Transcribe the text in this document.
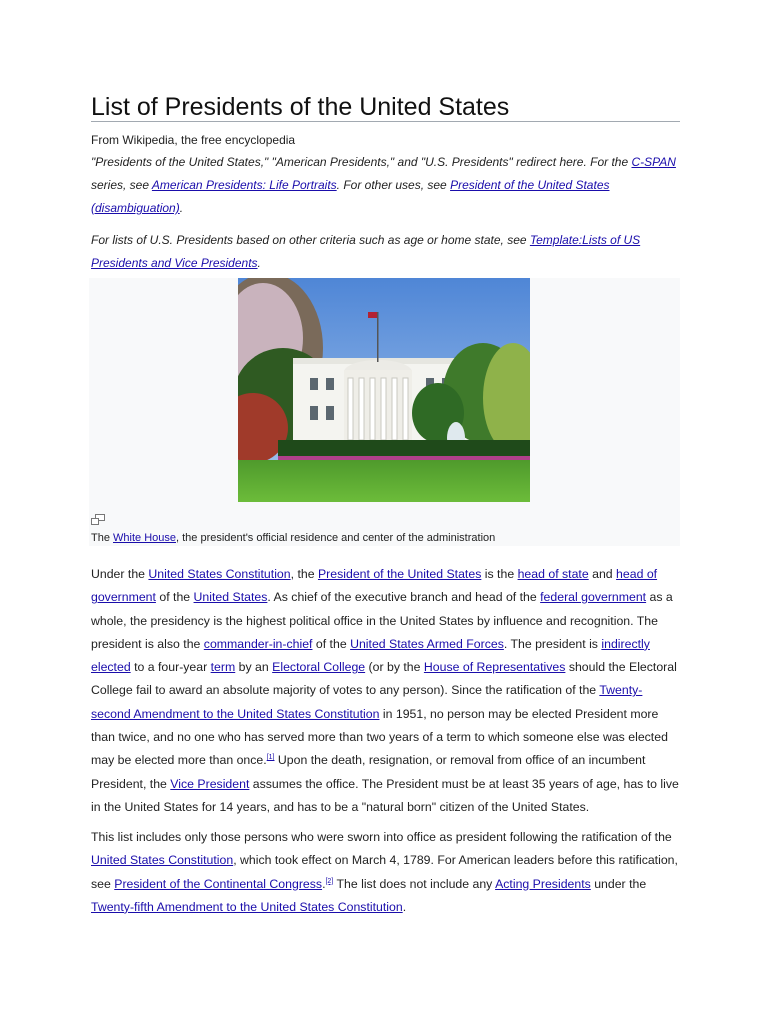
List of Presidents of the United States
From Wikipedia, the free encyclopedia
"Presidents of the United States," "American Presidents," and "U.S. Presidents" redirect here. For the C-SPAN series, see American Presidents: Life Portraits. For other uses, see President of the United States (disambiguation).
For lists of U.S. Presidents based on other criteria such as age or home state, see Template:Lists of US Presidents and Vice Presidents.
The White House, the president's official residence and center of the administration

Under the United States Constitution, the President of the United States is the head of state and head of government of the United States. As chief of the executive branch and head of the federal government as a whole, the presidency is the highest political office in the United States by influence and recognition. The president is also the commander-in-chief of the United States Armed Forces. The president is indirectly elected to a four-year term by an Electoral College (or by the House of Representatives should the Electoral College fail to award an absolute majority of votes to any person). Since the ratification of the Twenty-second Amendment to the United States Constitution in 1951, no person may be elected President more than twice, and no one who has served more than two years of a term to which someone else was elected may be elected more than once.[1] Upon the death, resignation, or removal from office of an incumbent President, the Vice President assumes the office. The President must be at least 35 years of age, has to live in the United States for 14 years, and has to be a "natural born" citizen of the United States.

This list includes only those persons who were sworn into office as president following the ratification of the United States Constitution, which took effect on March 4, 1789. For American leaders before this ratification, see President of the Continental Congress.[2] The list does not include any Acting Presidents under the Twenty-fifth Amendment to the United States Constitution.
